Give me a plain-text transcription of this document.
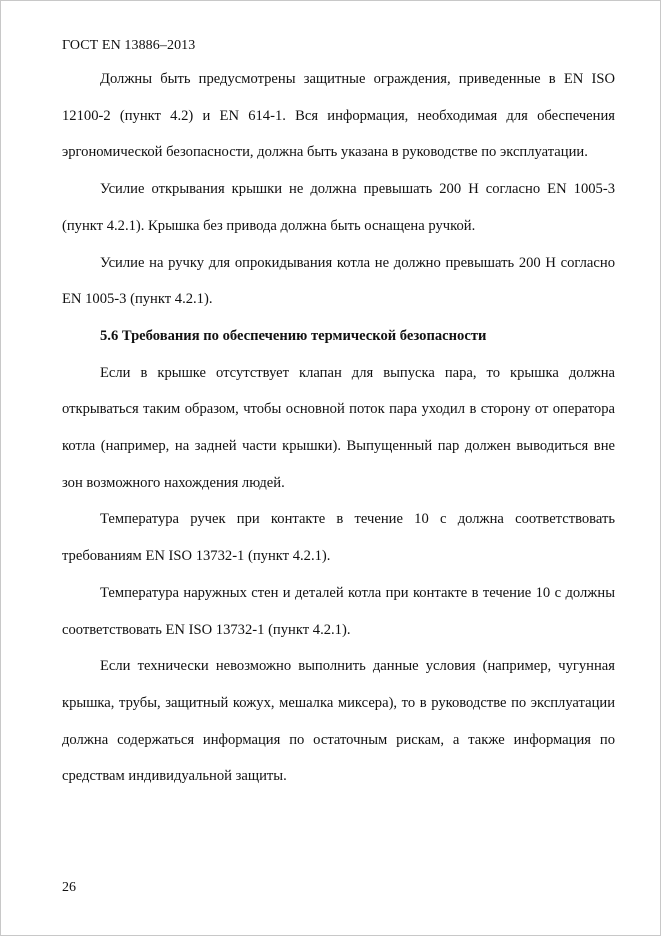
ГОСТ EN 13886–2013

Должны быть предусмотрены защитные ограждения, приведенные в EN ISO 12100-2 (пункт 4.2) и EN 614-1. Вся информация, необходимая для обеспечения эргономической безопасности, должна быть указана в руководстве по эксплуатации.

Усилие открывания крышки не должна превышать 200 Н согласно EN 1005-3 (пункт 4.2.1). Крышка без привода должна быть оснащена ручкой.

Усилие на ручку для опрокидывания котла не должно превышать 200 Н согласно EN 1005-3 (пункт 4.2.1).

5.6 Требования по обеспечению термической безопасности

Если в крышке отсутствует клапан для выпуска пара, то крышка должна открываться таким образом, чтобы основной поток пара уходил в сторону от оператора котла (например, на задней части крышки). Выпущенный пар должен выводиться вне зон возможного нахождения людей.

Температура ручек при контакте в течение 10 с должна соответствовать требованиям EN ISO 13732-1 (пункт 4.2.1).

Температура наружных стен и деталей котла при контакте в течение 10 с должны соответствовать EN ISO 13732-1 (пункт 4.2.1).

Если технически невозможно выполнить данные условия (например, чугунная крышка, трубы, защитный кожух, мешалка миксера), то в руководстве по эксплуатации должна содержаться информация по остаточным рискам, а также информация по средствам индивидуальной защиты.

26
